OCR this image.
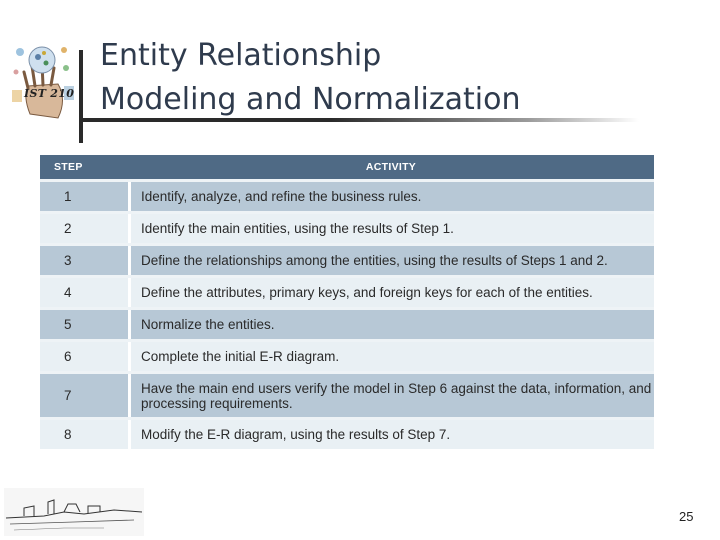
IST 210
Entity Relationship
Modeling and Normalization
STEP	ACTIVITY
1	Identify, analyze, and refine the business rules.
2	Identify the main entities, using the results of Step 1.
3	Define the relationships among the entities, using the results of Steps 1 and 2.
4	Define the attributes, primary keys, and foreign keys for each of the entities.
5	Normalize the entities.
6	Complete the initial E-R diagram.
7	Have the main end users verify the model in Step 6 against the data, information, and processing requirements.
8	Modify the E-R diagram, using the results of Step 7.
25
